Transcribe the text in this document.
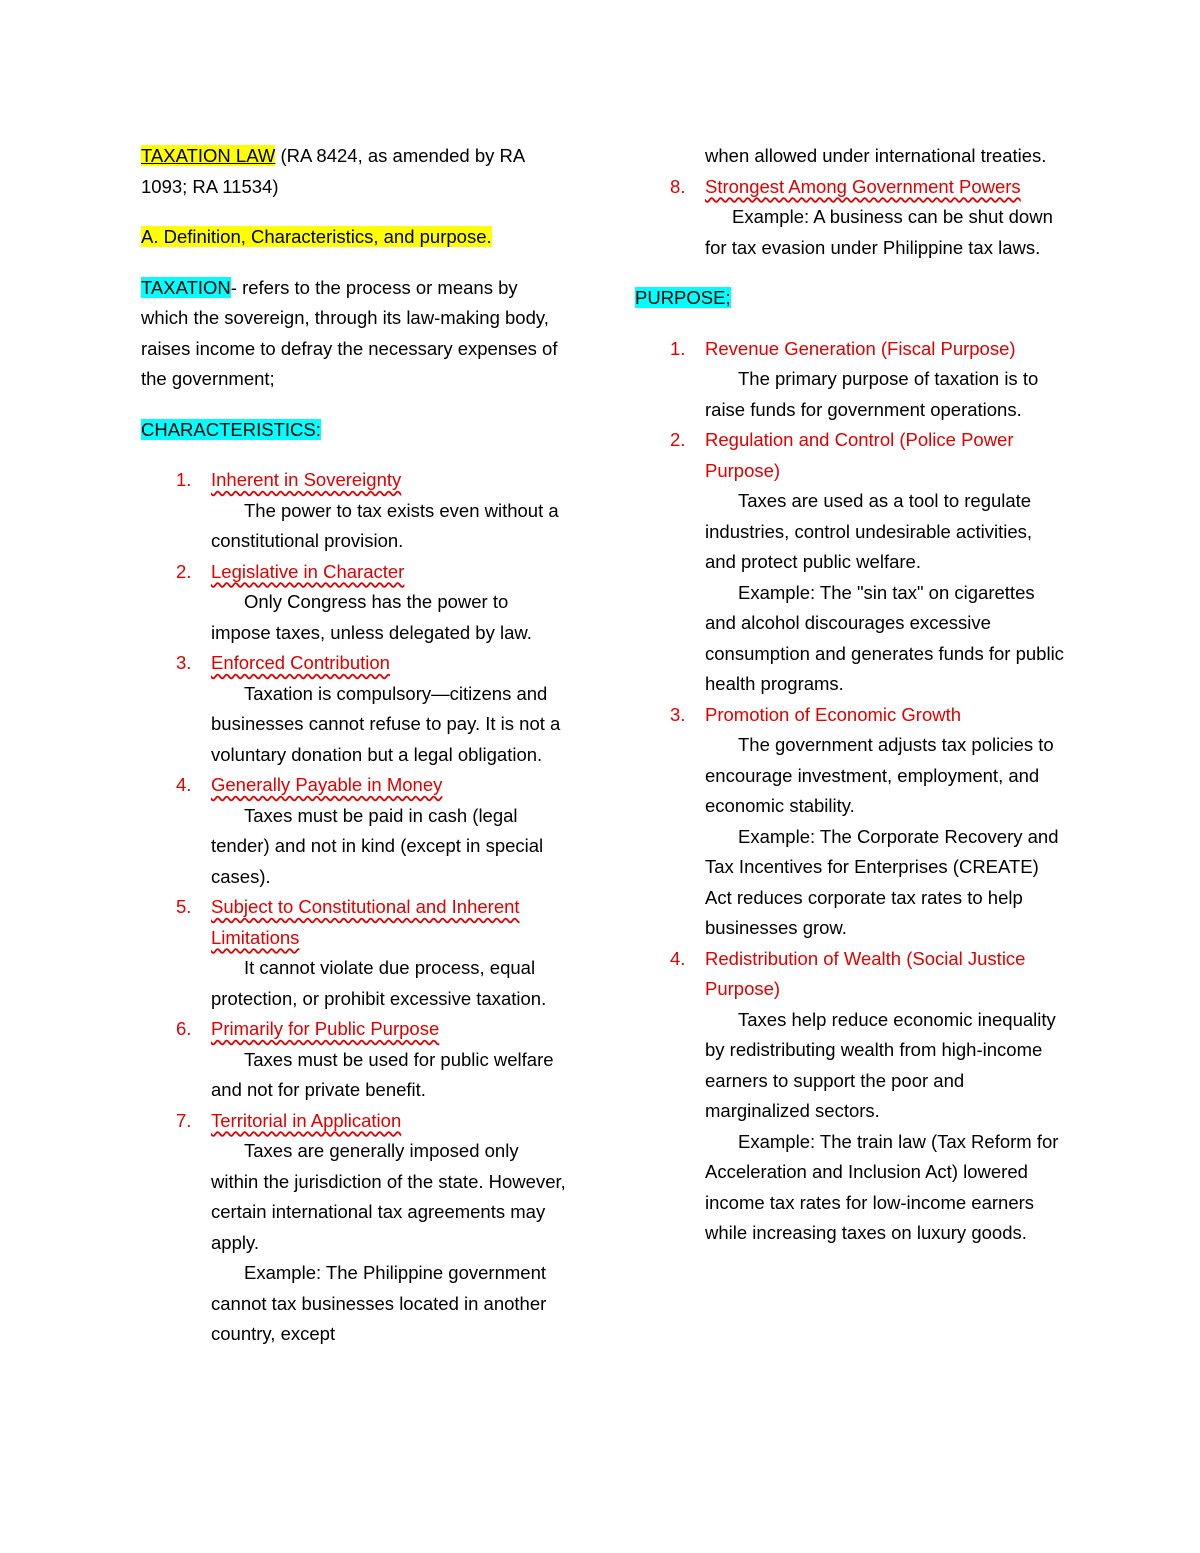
TAXATION LAW (RA 8424, as amended by RA 1093; RA 11534)

A. Definition, Characteristics, and purpose.

TAXATION- refers to the process or means by which the sovereign, through its law-making body, raises income to defray the necessary expenses of the government;

CHARACTERISTICS:

1. Inherent in Sovereignty
The power to tax exists even without a constitutional provision.
2. Legislative in Character
Only Congress has the power to impose taxes, unless delegated by law.
3. Enforced Contribution
Taxation is compulsory—citizens and businesses cannot refuse to pay. It is not a voluntary donation but a legal obligation.
4. Generally Payable in Money
Taxes must be paid in cash (legal tender) and not in kind (except in special cases).
5. Subject to Constitutional and Inherent Limitations
It cannot violate due process, equal protection, or prohibit excessive taxation.
6. Primarily for Public Purpose
Taxes must be used for public welfare and not for private benefit.
7. Territorial in Application
Taxes are generally imposed only within the jurisdiction of the state. However, certain international tax agreements may apply.
Example: The Philippine government cannot tax businesses located in another country, except

when allowed under international treaties.

8. Strongest Among Government Powers
Example: A business can be shut down for tax evasion under Philippine tax laws.

PURPOSE;

1. Revenue Generation (Fiscal Purpose)
The primary purpose of taxation is to raise funds for government operations.
2. Regulation and Control (Police Power Purpose)
Taxes are used as a tool to regulate industries, control undesirable activities, and protect public welfare.
Example: The "sin tax" on cigarettes and alcohol discourages excessive consumption and generates funds for public health programs.
3. Promotion of Economic Growth
The government adjusts tax policies to encourage investment, employment, and economic stability.
Example: The Corporate Recovery and Tax Incentives for Enterprises (CREATE) Act reduces corporate tax rates to help businesses grow.
4. Redistribution of Wealth (Social Justice Purpose)
Taxes help reduce economic inequality by redistributing wealth from high-income earners to support the poor and marginalized sectors.
Example: The train law (Tax Reform for Acceleration and Inclusion Act) lowered income tax rates for low-income earners while increasing taxes on luxury goods.
